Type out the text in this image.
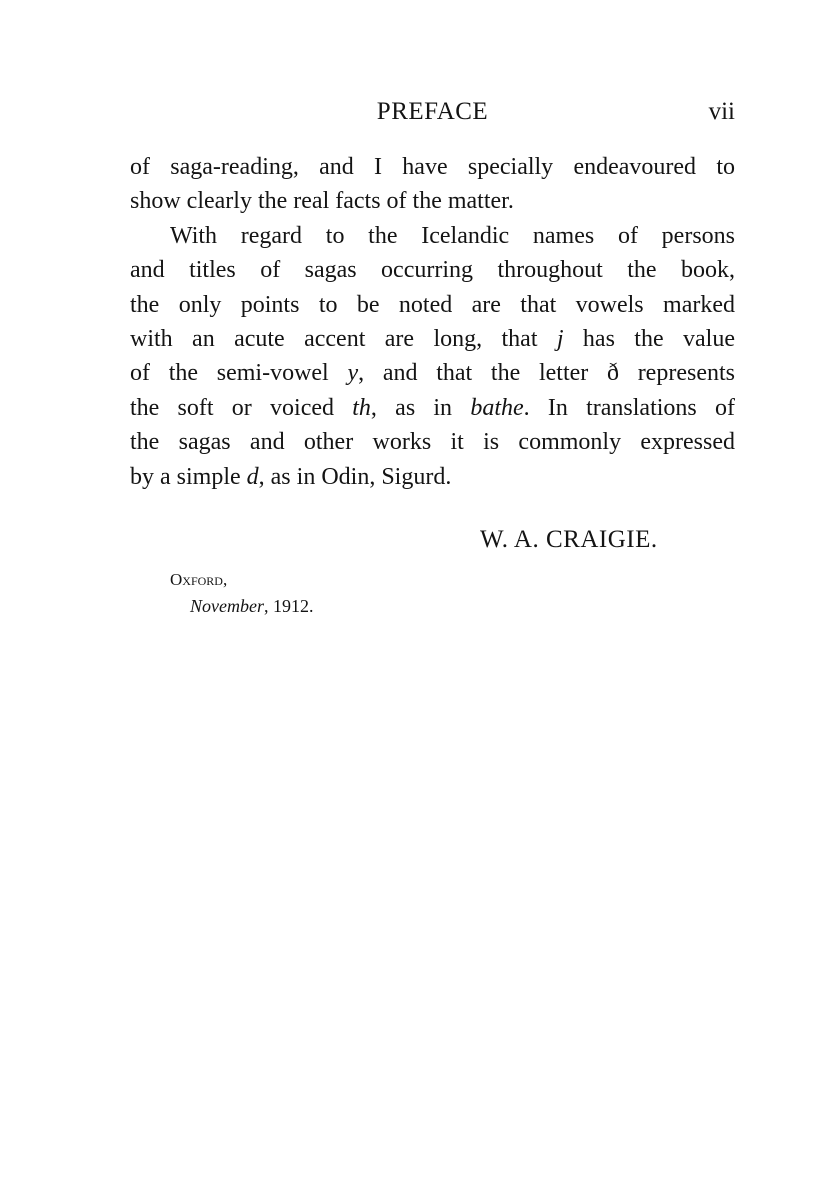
PREFACE	vii
of saga-reading, and I have specially endeavoured to
show clearly the real facts of the matter.
With regard to the Icelandic names of persons
and titles of sagas occurring throughout the book,
the only points to be noted are that vowels marked
with an acute accent are long, that j has the value
of the semi-vowel y, and that the letter ð represents
the soft or voiced th, as in bathe. In translations of
the sagas and other works it is commonly expressed
by a simple d, as in Odin, Sigurd.
W. A. CRAIGIE.
Oxford,
November, 1912.
